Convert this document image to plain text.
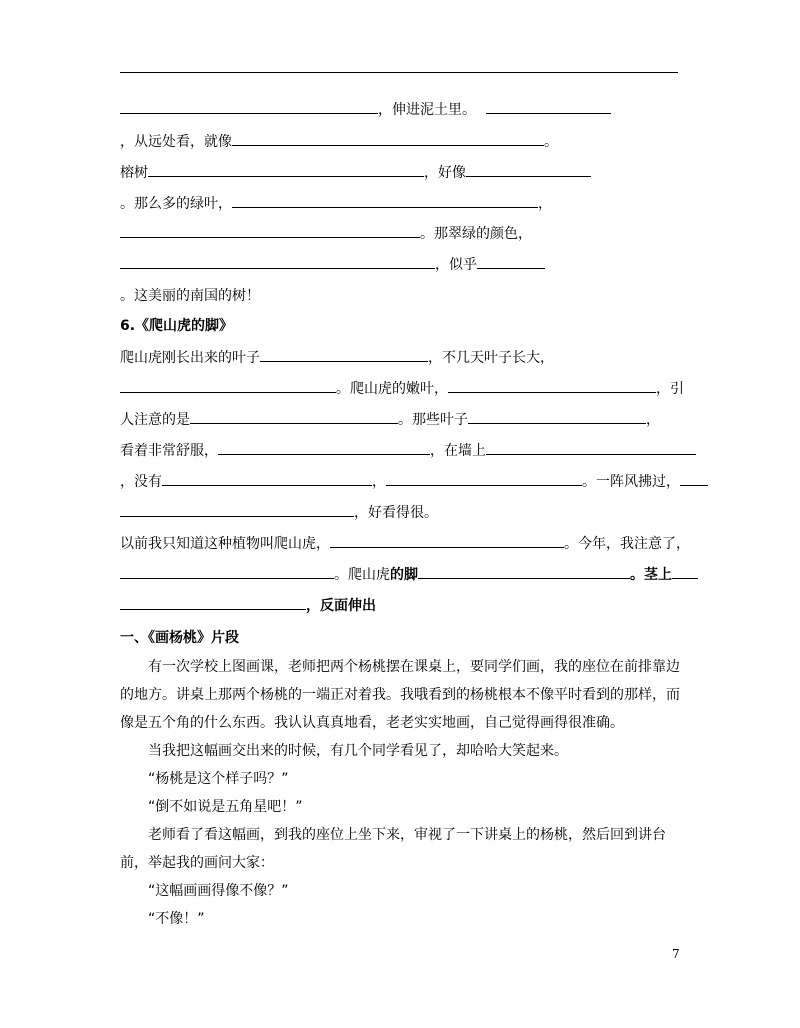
，伸进泥土里。
，从远处看，就像	。
榕树	，好像
。那么多的绿叶，	，
。那翠绿的颜色，
，似乎
。这美丽的南国的树！
6.《爬山虎的脚》
爬山虎刚长出来的叶子	，不几天叶子长大，
。爬山虎的嫩叶，	，引
人注意的是	。那些叶子	，
看着非常舒服，	，在墙上
，没有	，	。一阵风拂过，
，好看得很。
以前我只知道这种植物叫爬山虎，	。今年，我注意了，
。爬山虎的脚	。茎上
，反面伸出
一、《画杨桃》片段
有一次学校上图画课，老师把两个杨桃摆在课桌上，要同学们画，我的座位在前排靠边的地方。讲桌上那两个杨桃的一端正对着我。我哦看到的杨桃根本不像平时看到的那样，而像是五个角的什么东西。我认认真真地看，老老实实地画，自己觉得画得很准确。
当我把这幅画交出来的时候，有几个同学看见了，却哈哈大笑起来。
“杨桃是这个样子吗？”
“倒不如说是五角星吧！”
老师看了看这幅画，到我的座位上坐下来，审视了一下讲桌上的杨桃，然后回到讲台前，举起我的画问大家：
“这幅画画得像不像？”
“不像！”
7
